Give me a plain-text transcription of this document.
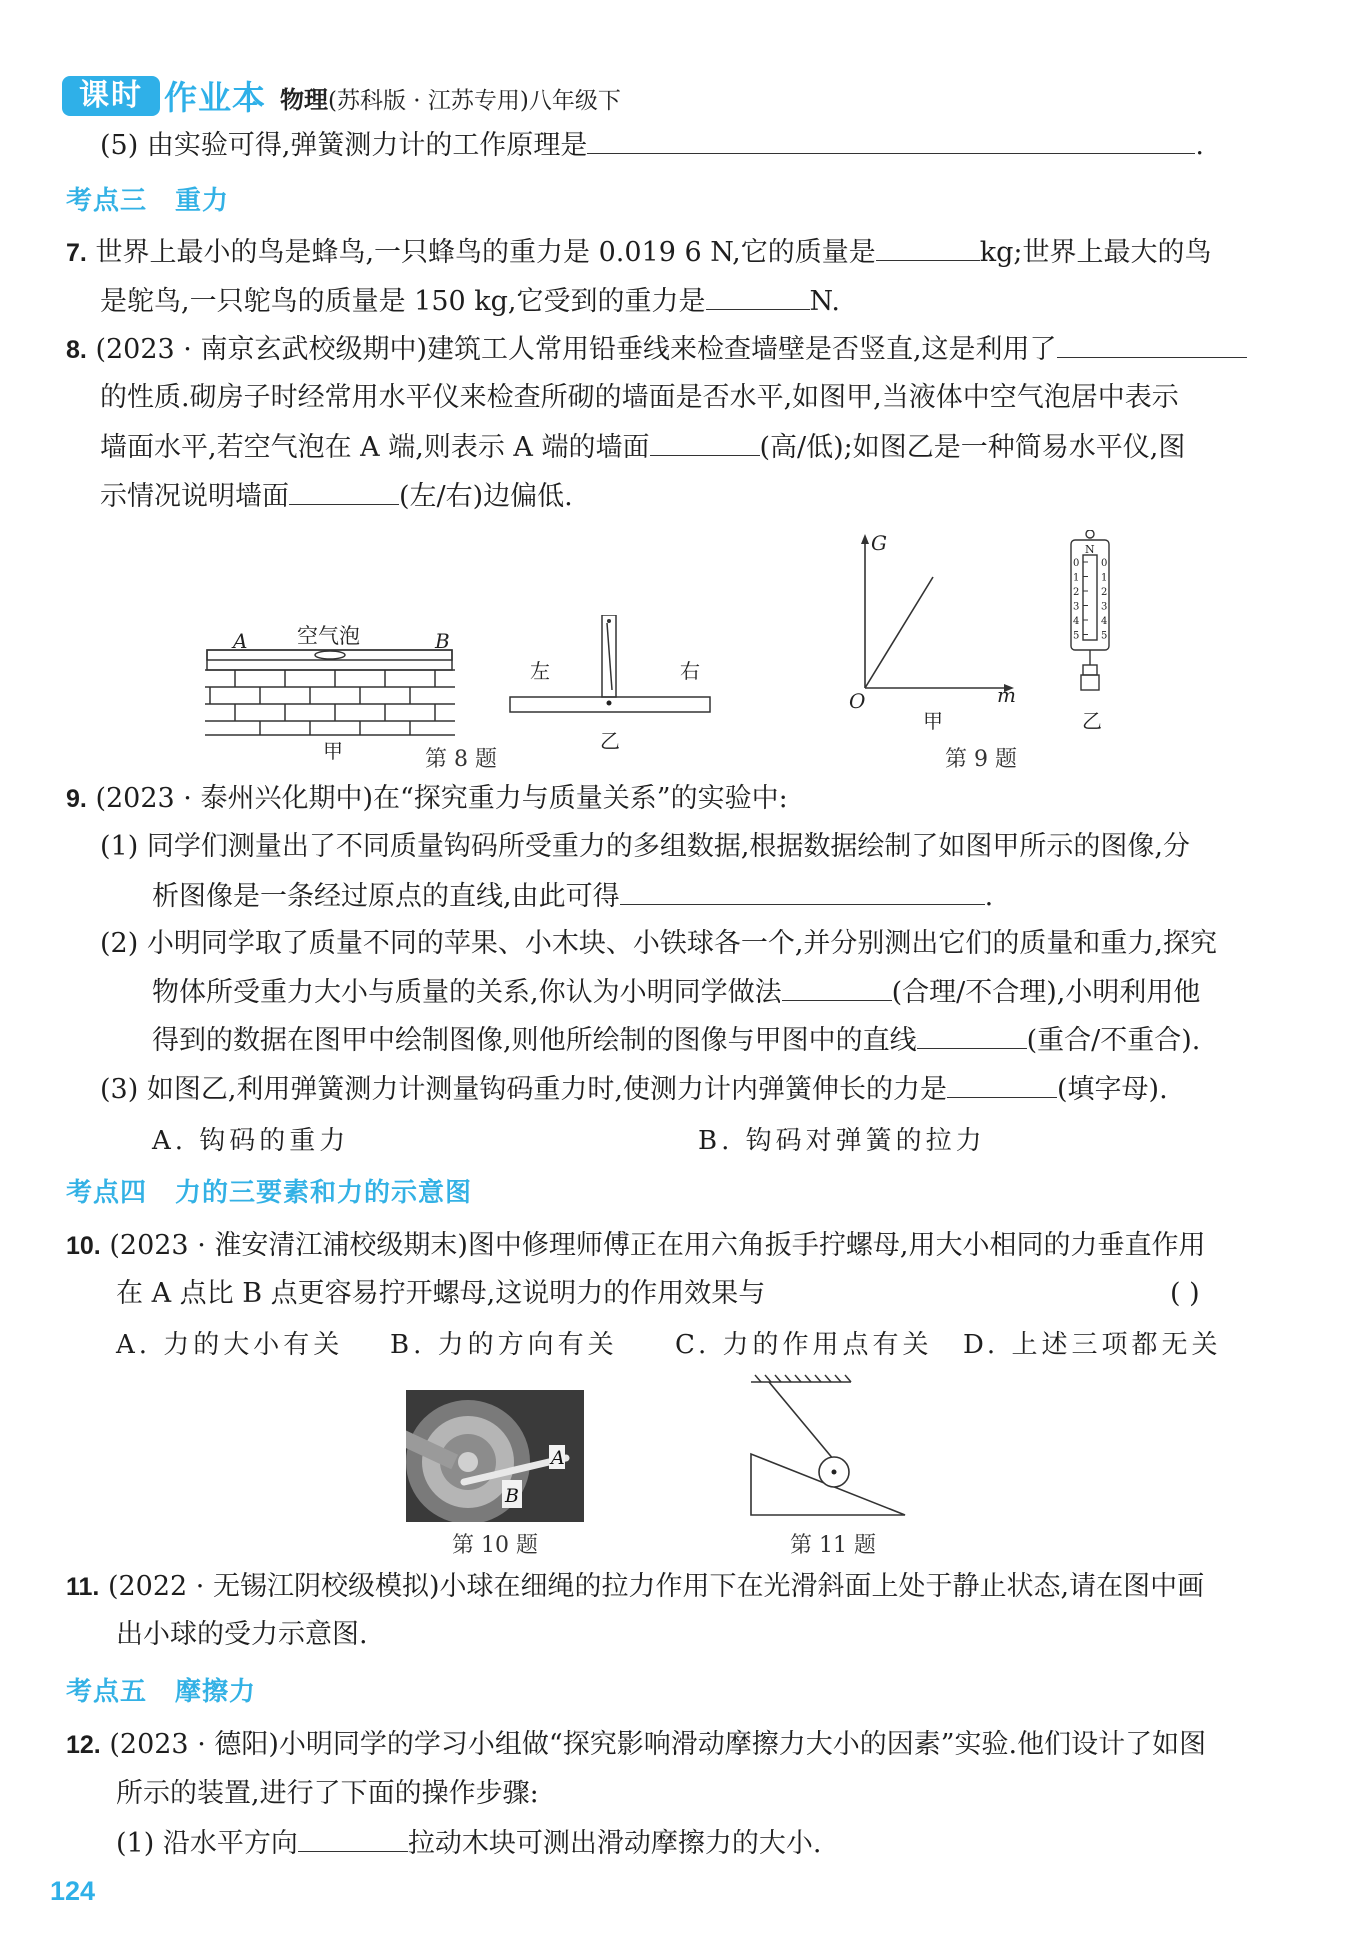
课时 作业本 物理(苏科版 · 江苏专用)八年级下
(5) 由实验可得,弹簧测力计的工作原理是	.
考点三 重力
7. 世界上最小的鸟是蜂鸟,一只蜂鸟的重力是 0.019 6 N,它的质量是	kg;世界上最大的鸟
是鸵鸟,一只鸵鸟的质量是 150 kg,它受到的重力是	N.
8. (2023 · 南京玄武校级期中)建筑工人常用铅垂线来检查墙壁是否竖直,这是利用了
的性质.砌房子时经常用水平仪来检查所砌的墙面是否水平,如图甲,当液体中空气泡居中表示
墙面水平,若空气泡在 A 端,则表示 A 端的墙面	(高/低);如图乙是一种简易水平仪,图
示情况说明墙面	(左/右)边偏低.
A	B
空气泡
甲
左	右
乙
第 8 题
G
O	m
甲
N
0 0
1 1
2 2
3 3
4 4
5 5
乙
第 9 题
9. (2023 · 泰州兴化期中)在“探究重力与质量关系”的实验中:
(1) 同学们测量出了不同质量钩码所受重力的多组数据,根据数据绘制了如图甲所示的图像,分
析图像是一条经过原点的直线,由此可得	.
(2) 小明同学取了质量不同的苹果、小木块、小铁球各一个,并分别测出它们的质量和重力,探究
物体所受重力大小与质量的关系,你认为小明同学做法	(合理/不合理),小明利用他
得到的数据在图甲中绘制图像,则他所绘制的图像与甲图中的直线	(重合/不重合).
(3) 如图乙,利用弹簧测力计测量钩码重力时,使测力计内弹簧伸长的力是	(填字母).
A. 钩码的重力	B. 钩码对弹簧的拉力
考点四 力的三要素和力的示意图
10. (2023 · 淮安清江浦校级期末)图中修理师傅正在用六角扳手拧螺母,用大小相同的力垂直作用
在 A 点比 B 点更容易拧开螺母,这说明力的作用效果与	( )
A. 力的大小有关 B. 力的方向有关 C. 力的作用点有关 D. 上述三项都无关
B
A
第 10 题	第 11 题
11. (2022 · 无锡江阴校级模拟)小球在细绳的拉力作用下在光滑斜面上处于静止状态,请在图中画
出小球的受力示意图.
考点五 摩擦力
12. (2023 · 德阳)小明同学的学习小组做“探究影响滑动摩擦力大小的因素”实验.他们设计了如图
所示的装置,进行了下面的操作步骤:
(1) 沿水平方向	拉动木块可测出滑动摩擦力的大小.
124
